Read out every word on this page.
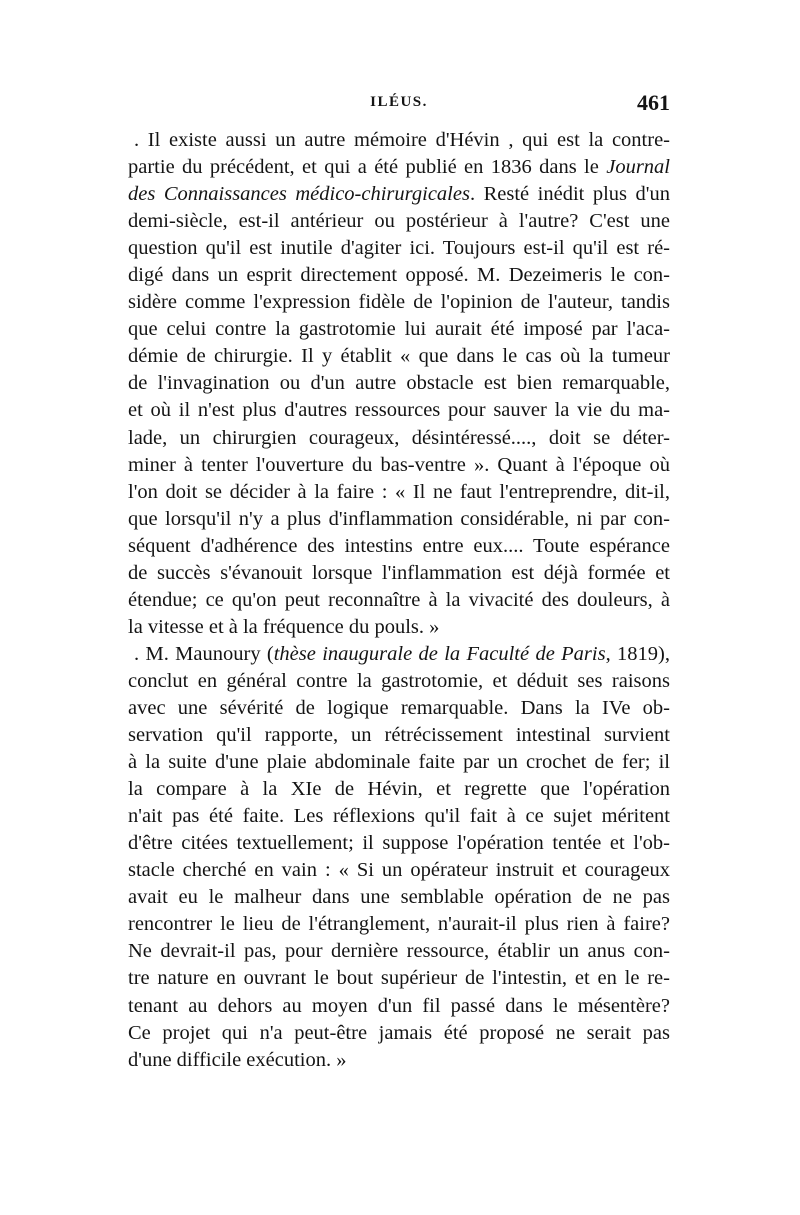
ILÉUS.	461
. Il existe aussi un autre mémoire d'Hévin , qui est la contre-
partie du précédent, et qui a été publié en 1836 dans le Journal
des Connaissances médico-chirurgicales. Resté inédit plus d'un
demi-siècle, est-il antérieur ou postérieur à l'autre? C'est une
question qu'il est inutile d'agiter ici. Toujours est-il qu'il est ré-
digé dans un esprit directement opposé. M. Dezeimeris le con-
sidère comme l'expression fidèle de l'opinion de l'auteur, tandis
que celui contre la gastrotomie lui aurait été imposé par l'aca-
démie de chirurgie. Il y établit « que dans le cas où la tumeur
de l'invagination ou d'un autre obstacle est bien remarquable,
et où il n'est plus d'autres ressources pour sauver la vie du ma-
lade, un chirurgien courageux, désintéressé...., doit se déter-
miner à tenter l'ouverture du bas-ventre ». Quant à l'époque où
l'on doit se décider à la faire : « Il ne faut l'entreprendre, dit-il,
que lorsqu'il n'y a plus d'inflammation considérable, ni par con-
séquent d'adhérence des intestins entre eux.... Toute espérance
de succès s'évanouit lorsque l'inflammation est déjà formée et
étendue; ce qu'on peut reconnaître à la vivacité des douleurs, à
la vitesse et à la fréquence du pouls. »
. M. Maunoury (thèse inaugurale de la Faculté de Paris, 1819),
conclut en général contre la gastrotomie, et déduit ses raisons
avec une sévérité de logique remarquable. Dans la IVe ob-
servation qu'il rapporte, un rétrécissement intestinal survient
à la suite d'une plaie abdominale faite par un crochet de fer; il
la compare à la XIe de Hévin, et regrette que l'opération
n'ait pas été faite. Les réflexions qu'il fait à ce sujet méritent
d'être citées textuellement; il suppose l'opération tentée et l'ob-
stacle cherché en vain : « Si un opérateur instruit et courageux
avait eu le malheur dans une semblable opération de ne pas
rencontrer le lieu de l'étranglement, n'aurait-il plus rien à faire?
Ne devrait-il pas, pour dernière ressource, établir un anus con-
tre nature en ouvrant le bout supérieur de l'intestin, et en le re-
tenant au dehors au moyen d'un fil passé dans le mésentère?
Ce projet qui n'a peut-être jamais été proposé ne serait pas
d'une difficile exécution. »
